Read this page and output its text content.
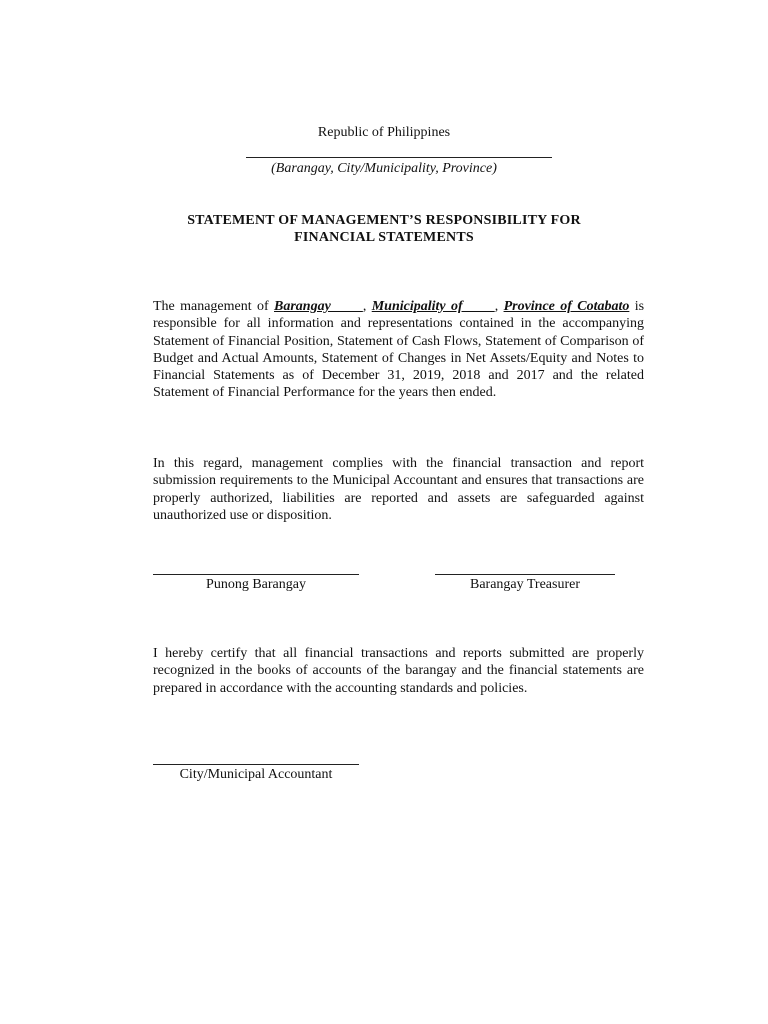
Republic of Philippines
(Barangay, City/Municipality, Province)
STATEMENT OF MANAGEMENT’S RESPONSIBILITY FOR
FINANCIAL STATEMENTS

The management of Barangay      , Municipality of      , Province of Cotabato is responsible for all information and representations contained in the accompanying Statement of Financial Position, Statement of Cash Flows, Statement of Comparison of Budget and Actual Amounts, Statement of Changes in Net Assets/Equity and Notes to Financial Statements as of December 31, 2019, 2018 and 2017 and the related Statement of Financial Performance for the years then ended.

In this regard, management complies with the financial transaction and report submission requirements to the Municipal Accountant and ensures that transactions are properly authorized, liabilities are reported and assets are safeguarded against unauthorized use or disposition.

Punong Barangay	Barangay Treasurer

I hereby certify that all financial transactions and reports submitted are properly recognized in the books of accounts of the barangay and the financial statements are prepared in accordance with the accounting standards and policies.

City/Municipal Accountant
